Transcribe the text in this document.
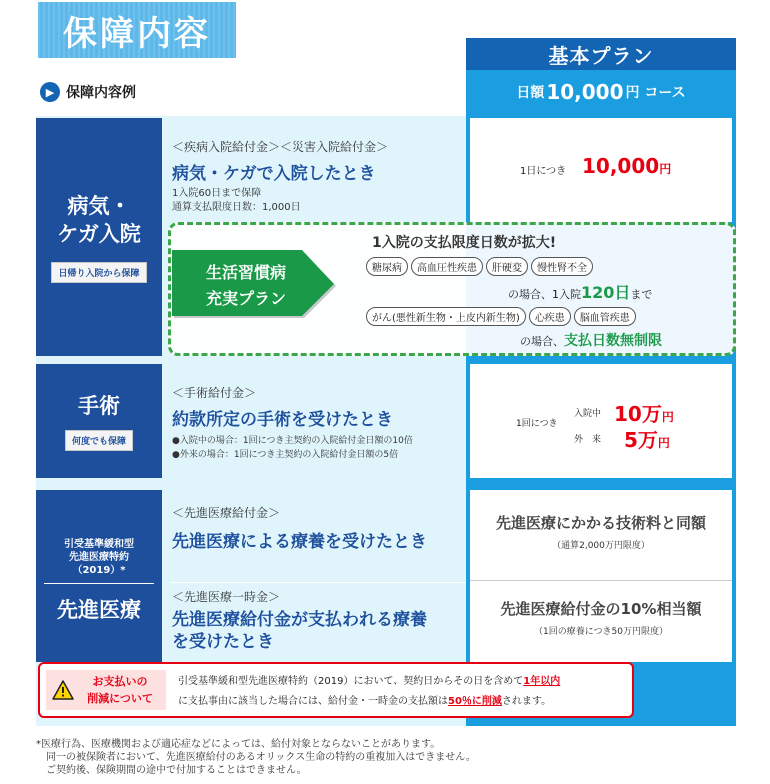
保障内容
基本プラン
日額 10,000 円 コース
▶ 保障内容例
病気・
ケガ入院
日帰り入院から保障
＜疾病入院給付金＞＜災害入院給付金＞
病気・ケガで入院したとき
1入院60日まで保障
通算支払限度日数：1,000日
1日につき 10,000円
生活習慣病
充実プラン
1入院の支払限度日数が拡大!
糖尿病 高血圧性疾患 肝硬変 慢性腎不全
の場合、1入院120日まで
がん(悪性新生物・上皮内新生物) 心疾患 脳血管疾患
の場合、支払日数無制限
手術
何度でも保障
＜手術給付金＞
約款所定の手術を受けたとき
●入院中の場合：1回につき主契約の入院給付金日額の10倍
●外来の場合：1回につき主契約の入院給付金日額の5倍
1回につき
入院中
外　来
10万円
5万円
引受基準緩和型
先進医療特約
（2019）*
先進医療
＜先進医療給付金＞
先進医療による療養を受けたとき
＜先進医療一時金＞
先進医療給付金が支払われる療養
を受けたとき
先進医療にかかる技術料と同額
（通算2,000万円限度）
先進医療給付金の10%相当額
（1回の療養につき50万円限度）
お支払いの
削減について
引受基準緩和型先進医療特約（2019）において、契約日からその日を含めて1年以内
に支払事由に該当した場合には、給付金・一時金の支払額は50％に削減されます。
*医療行為、医療機関および適応症などによっては、給付対象とならないことがあります。
　同一の被保険者において、先進医療給付のあるオリックス生命の特約の重複加入はできません。
　ご契約後、保険期間の途中で付加することはできません。
